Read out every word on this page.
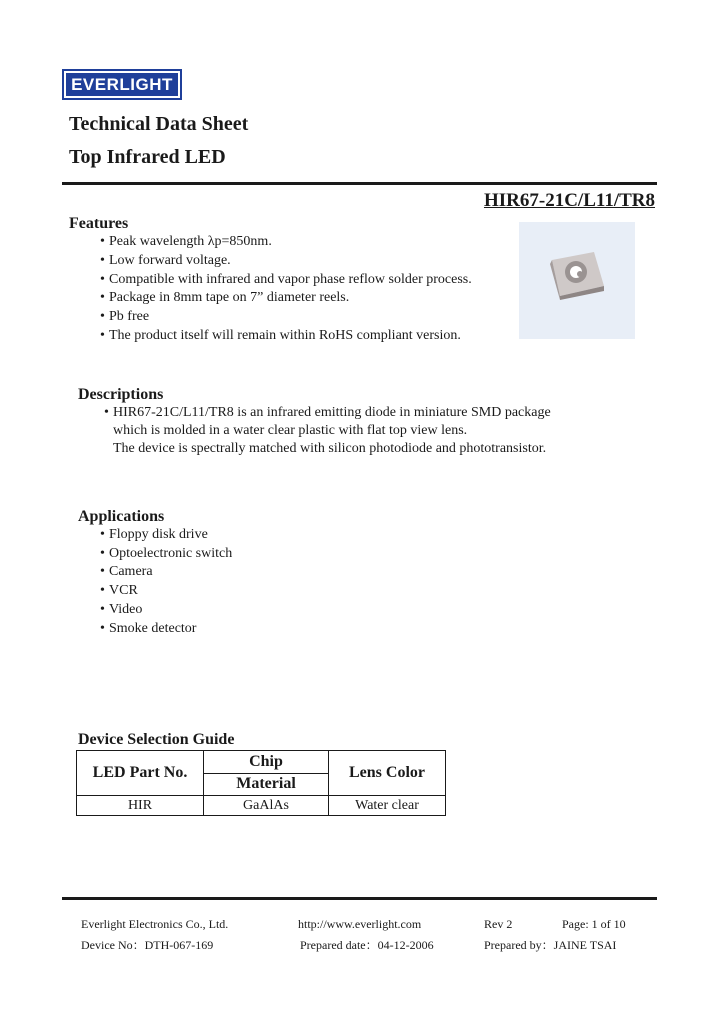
EVERLIGHT
Technical Data Sheet
Top Infrared LED
HIR67-21C/L11/TR8
Features
• Peak wavelength λp=850nm.
• Low forward voltage.
• Compatible with infrared and vapor phase reflow solder process.
• Package in 8mm tape on 7” diameter reels.
• Pb free
• The product itself will remain within RoHS compliant version.
Descriptions
• HIR67-21C/L11/TR8 is an infrared emitting diode in miniature SMD package
which is molded in a water clear plastic with flat top view lens.
The device is spectrally matched with silicon photodiode and phototransistor.
Applications
• Floppy disk drive
• Optoelectronic switch
• Camera
• VCR
• Video
• Smoke detector
Device Selection Guide
LED Part No.	Chip	Lens Color
	Material	
HIR	GaAlAs	Water clear
Everlight Electronics Co., Ltd.	http://www.everlight.com	Rev 2	Page: 1 of 10
Device No：DTH-067-169	Prepared date：04-12-2006	Prepared by：JAINE TSAI
